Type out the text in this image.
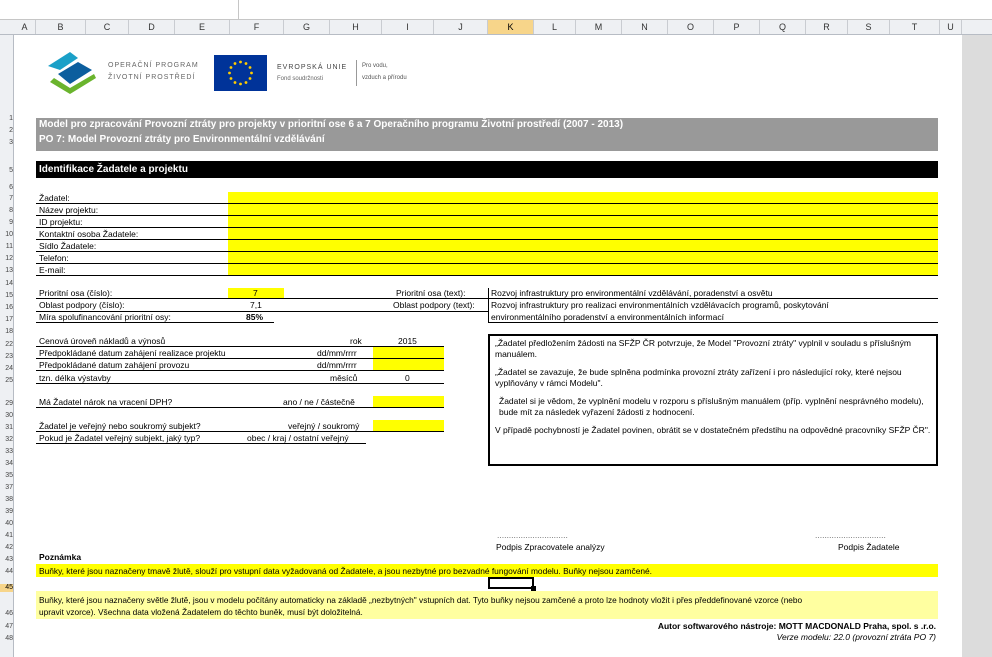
A	B	C	D	E	F	G	H	I	J	K	L	M	N	O	P	Q	R	S	T	U
1
2
3
5
6
7
8
9
10
11
12
13
14
15
16
17
18
22
23
24
25
29
30
31
32
33
34
35
37
38
39
40
41
42
43
44
45
46
47
48
OPERAČNÍ PROGRAM
ŽIVOTNÍ PROSTŘEDÍ
EVROPSKÁ UNIE
Fond soudržnosti
Pro vodu,
vzduch a přírodu
Model pro zpracování Provozní ztráty pro projekty v prioritní ose 6 a 7 Operačního programu Životní prostředí (2007 - 2013)
PO 7: Model Provozní ztráty pro Environmentální vzdělávání
Identifikace Žadatele a projektu
Žadatel:
Název projektu:
ID projektu:
Kontaktní osoba Žadatele:
Sídlo Žadatele:
Telefon:
E-mail:
Prioritní osa (číslo):	7	Prioritní osa (text):	Rozvoj infrastruktury pro environmentální vzdělávání, poradenství a osvětu
Oblast podpory (číslo):	7,1	Oblast podpory (text): Rozvoj infrastruktury pro realizaci environmentálních vzdělávacích programů, poskytování
Míra spolufinancování prioritní osy:	85%	environmentálního poradenství a environmentálních informací
Cenová úroveň nákladů a výnosů	rok	2015
Předpokládané datum zahájení realizace projektu	dd/mm/rrrr
Předpokládané datum zahájení provozu	dd/mm/rrrr
tzn. délka výstavby	měsíců	0
Má Žadatel nárok na vracení DPH?	ano / ne / částečně
Žadatel je veřejný nebo soukromý subjekt?	veřejný / soukromý
Pokud je Žadatel veřejný subjekt, jaký typ?	obec / kraj / ostatní veřejný

„Žadatel předložením žádosti na SFŽP ČR potvrzuje, že Model "Provozní ztráty" vyplnil v souladu s příslušným manuálem.

„Žadatel se zavazuje, že bude splněna podmínka provozní ztráty zařízení i pro následující roky, které nejsou vyplňovány v rámci Modelu".

Žadatel si je vědom, že vyplnění modelu v rozporu s příslušným manuálem (příp. vyplnění nesprávného modelu), bude mít za následek vyřazení žádosti z hodnocení.

V případě pochybností je Žadatel povinen, obrátit se v dostatečném předstihu na odpovědné pracovníky SFŽP ČR".

..............................	..............................
Podpis Zpracovatele analýzy	Podpis Žadatele
Poznámka
Buňky, které jsou naznačeny tmavě žlutě, slouží pro vstupní data vyžadovaná od Žadatele, a jsou nezbytné pro bezvadné fungování modelu. Buňky nejsou zamčené.
Buňky, které jsou naznačeny světle žlutě, jsou v modelu počítány automaticky na základě „nezbytných" vstupních dat. Tyto buňky nejsou zamčené a proto lze hodnoty vložit i přes předdefinované vzorce (nebo
upravit vzorce). Všechna data vložená Žadatelem do těchto buněk, musí být doložitelná.
Autor softwarového nástroje: MOTT MACDONALD Praha, spol. s .r.o.
Verze modelu: 22.0 (provozní ztráta PO 7)
